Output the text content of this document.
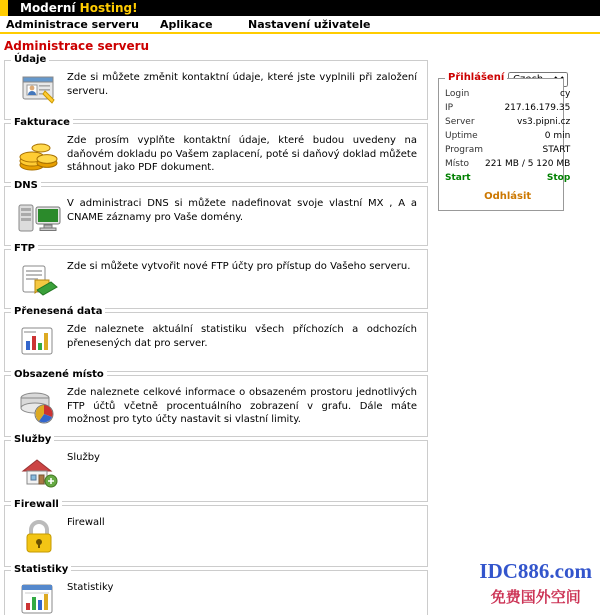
Moderní Hosting!
Administrace serveru Aplikace	Nastavení uživatele
Administrace serveru
Údaje
Zde si můžete změnit kontaktní údaje, které jste vyplnili při založení serveru.
Fakturace
Zde prosím vyplňte kontaktní údaje, které budou uvedeny na daňovém dokladu po Vašem zaplacení, poté si daňový doklad můžete stáhnout jako PDF dokument.
DNS
V administraci DNS si můžete nadefinovat svoje vlastní MX , A a CNAME záznamy pro Vaše domény.
FTP
Zde si můžete vytvořit nové FTP účty pro přístup do Vašeho serveru.
Přenesená data
Zde naleznete aktuální statistiku všech příchozích a odchozích přenesených dat pro server.
Obsazené místo
Zde naleznete celkové informace o obsazeném prostoru jednotlivých FTP účtů včetně procentuálního zobrazení v grafu. Dále máte možnost pro tyto účty nastavit si vlastní limity.
Služby
Služby
Firewall
Firewall
Statistiky
Statistiky
Czech
Přihlášení
Login	cy
IP	217.16.179.35
Server	vs3.pipni.cz
Uptime	0 min
Program	START
Místo	221 MB / 5 120 MB
Start	Stop
Odhlásit	
IDC886.com
免费国外空间
